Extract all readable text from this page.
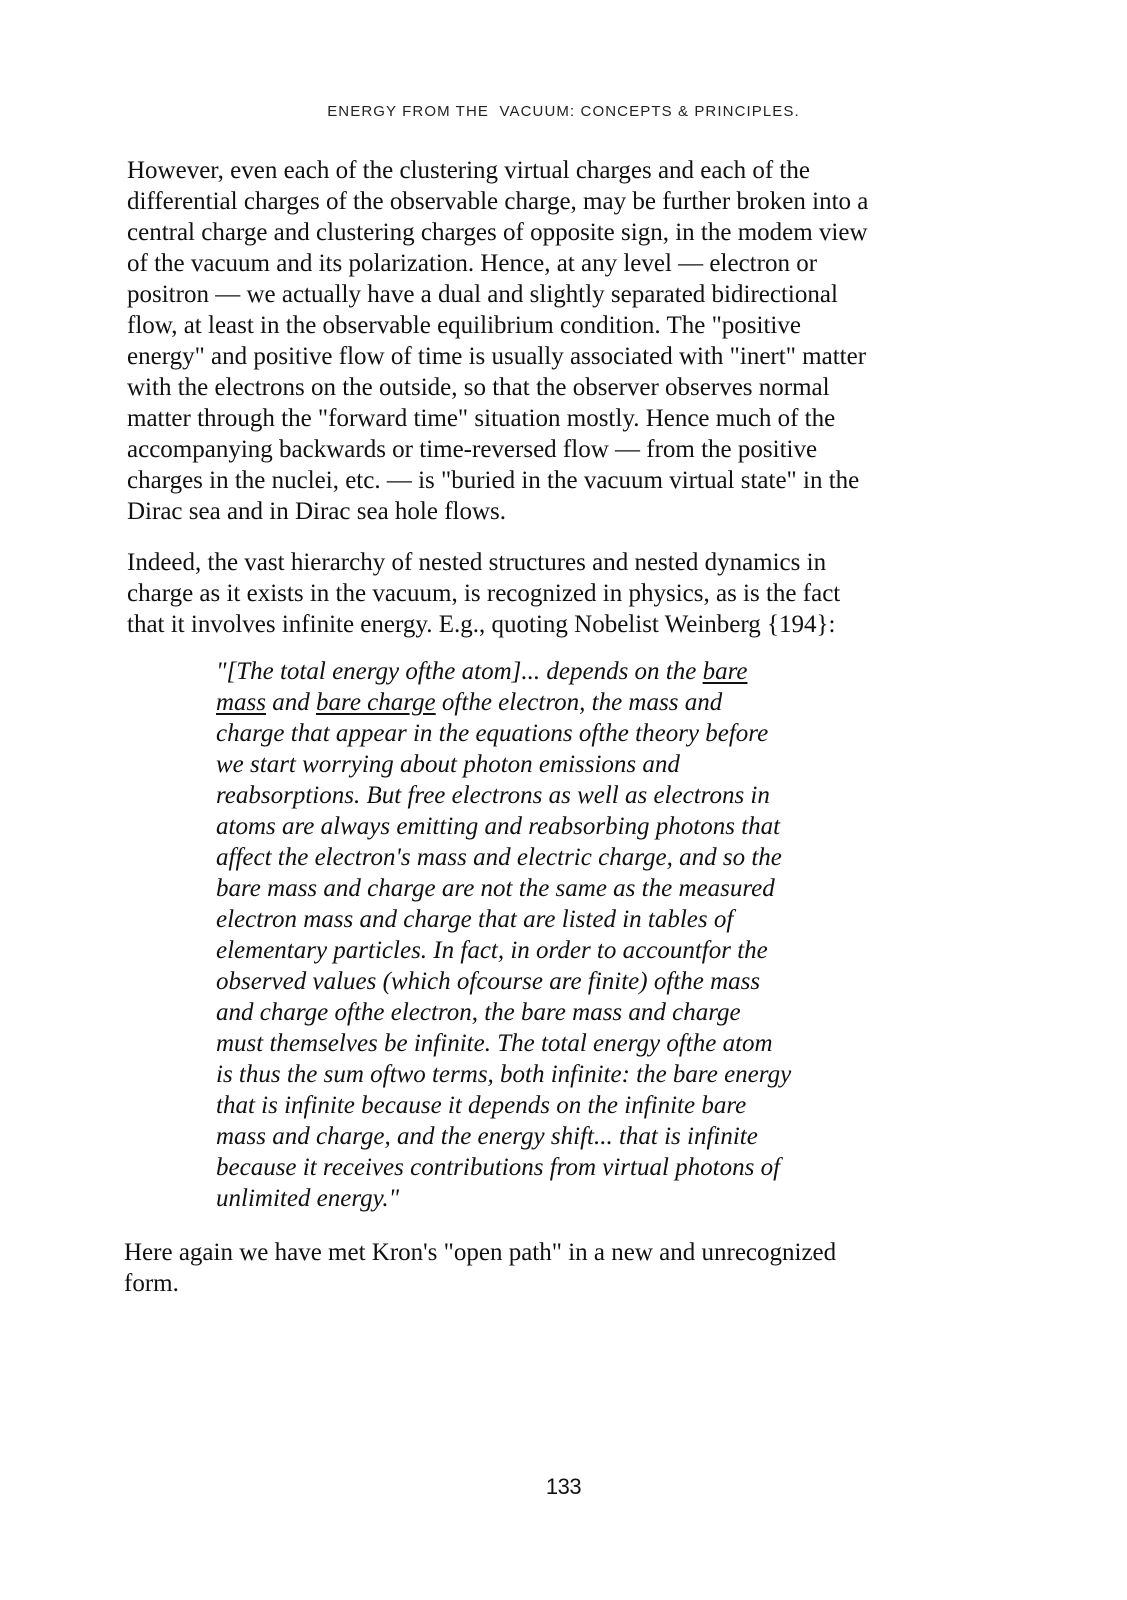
ENERGY FROM THE  VACUUM: CONCEPTS & PRINCIPLES.
However, even each of the clustering virtual charges and each of the
differential charges of the observable charge, may be further broken into a
central charge and clustering charges of opposite sign, in the modem view
of the vacuum and its polarization. Hence, at any level — electron or
positron — we actually have a dual and slightly separated bidirectional
flow, at least in the observable equilibrium condition. The "positive
energy" and positive flow of time is usually associated with "inert" matter
with the electrons on the outside, so that the observer observes normal
matter through the "forward time" situation mostly. Hence much of the
accompanying backwards or time-reversed flow — from the positive
charges in the nuclei, etc. — is "buried in the vacuum virtual state" in the
Dirac sea and in Dirac sea hole flows.
Indeed, the vast hierarchy of nested structures and nested dynamics in
charge as it exists in the vacuum, is recognized in physics, as is the fact
that it involves infinite energy. E.g., quoting Nobelist Weinberg {194}:
"[The total energy ofthe atom]... depends on the bare
mass and bare charge ofthe electron, the mass and
charge that appear in the equations ofthe theory before
we start worrying about photon emissions and
reabsorptions. But free electrons as well as electrons in
atoms are always emitting and reabsorbing photons that
affect the electron's mass and electric charge, and so the
bare mass and charge are not the same as the measured
electron mass and charge that are listed in tables of
elementary particles. In fact, in order to accountfor the
observed values (which ofcourse are finite) ofthe mass
and charge ofthe electron, the bare mass and charge
must themselves be infinite. The total energy ofthe atom
is thus the sum oftwo terms, both infinite: the bare energy
that is infinite because it depends on the infinite bare
mass and charge, and the energy shift... that is infinite
because it receives contributions from virtual photons of
unlimited energy."
Here again we have met Kron's "open path" in a new and unrecognized
form.
133
